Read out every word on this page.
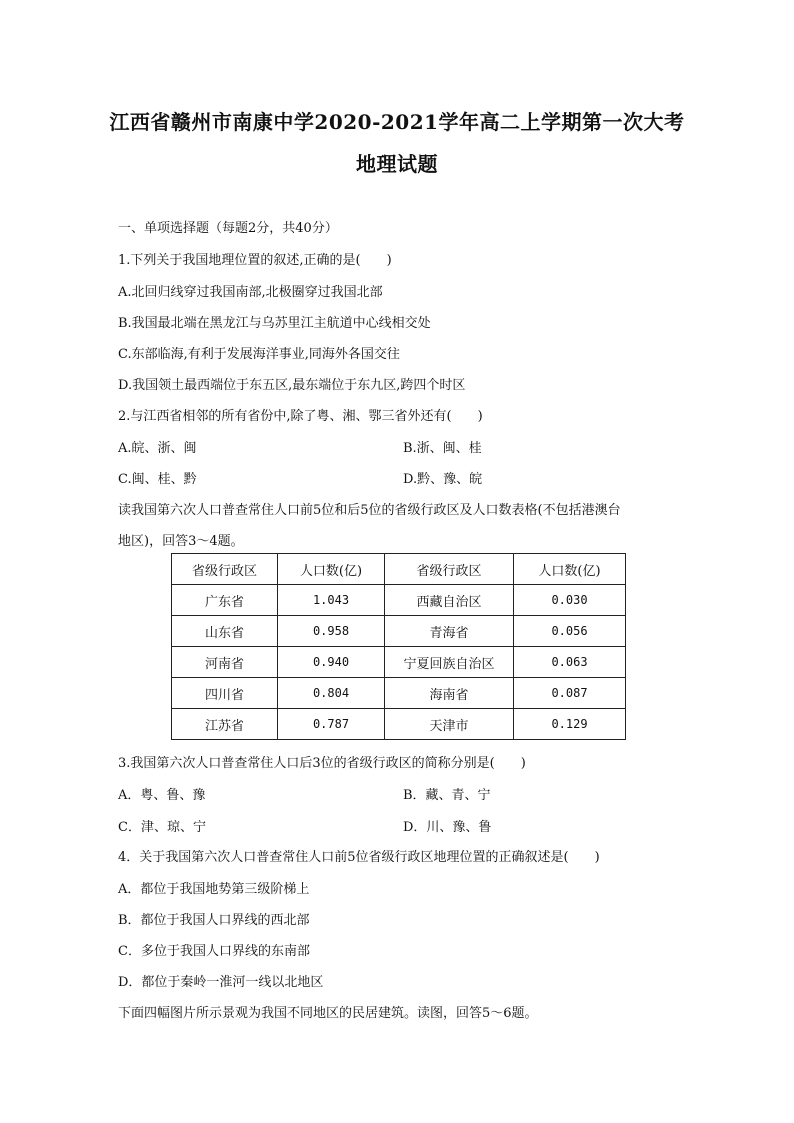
江西省赣州市南康中学2020-2021学年高二上学期第一次大考
地理试题
一、单项选择题（每题2分，共40分）
1.下列关于我国地理位置的叙述,正确的是(　　)
A.北回归线穿过我国南部,北极圈穿过我国北部
B.我国最北端在黑龙江与乌苏里江主航道中心线相交处
C.东部临海,有利于发展海洋事业,同海外各国交往
D.我国领土最西端位于东五区,最东端位于东九区,跨四个时区
2.与江西省相邻的所有省份中,除了粤、湘、鄂三省外还有(　　)
A.皖、浙、闽	B.浙、闽、桂
C.闽、桂、黔	D.黔、豫、皖
读我国第六次人口普查常住人口前5位和后5位的省级行政区及人口数表格(不包括港澳台
地区)，回答3～4题。
省级行政区	人口数(亿)	省级行政区	人口数(亿)
广东省	1.043	西藏自治区	0.030
山东省	0.958	青海省	0.056
河南省	0.940	宁夏回族自治区	0.063
四川省	0.804	海南省	0.087
江苏省	0.787	天津市	0.129
3.我国第六次人口普查常住人口后3位的省级行政区的简称分别是(　　)
A．粤、鲁、豫	B．藏、青、宁
C．津、琼、宁	D．川、豫、鲁
4．关于我国第六次人口普查常住人口前5位省级行政区地理位置的正确叙述是(　　)
A．都位于我国地势第三级阶梯上
B．都位于我国人口界线的西北部
C．多位于我国人口界线的东南部
D．都位于秦岭一淮河一线以北地区
下面四幅图片所示景观为我国不同地区的民居建筑。读图，回答5～6题。
